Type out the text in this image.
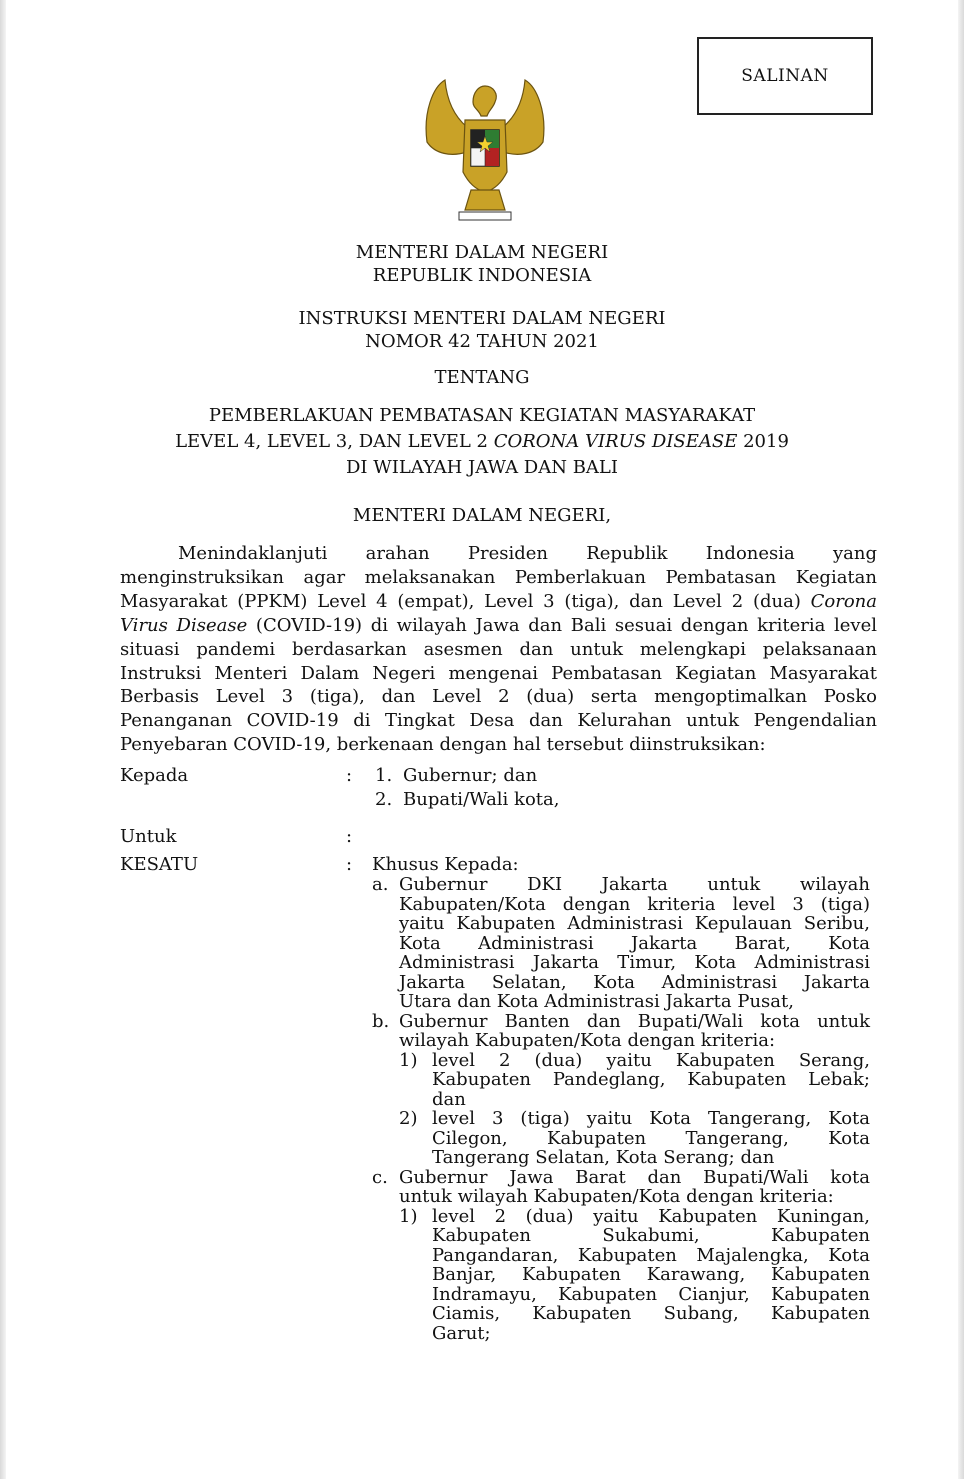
SALINAN
MENTERI DALAM NEGERI
REPUBLIK INDONESIA
INSTRUKSI MENTERI DALAM NEGERI
NOMOR 42 TAHUN 2021
TENTANG
PEMBERLAKUAN PEMBATASAN KEGIATAN MASYARAKAT
LEVEL 4, LEVEL 3, DAN LEVEL 2 CORONA VIRUS DISEASE 2019
DI WILAYAH JAWA DAN BALI
MENTERI DALAM NEGERI,
Menindaklanjuti arahan Presiden Republik Indonesia yang menginstruksikan agar melaksanakan Pemberlakuan Pembatasan Kegiatan Masyarakat (PPKM) Level 4 (empat), Level 3 (tiga), dan Level 2 (dua) Corona Virus Disease (COVID-19) di wilayah Jawa dan Bali sesuai dengan kriteria level situasi pandemi berdasarkan asesmen dan untuk melengkapi pelaksanaan Instruksi Menteri Dalam Negeri mengenai Pembatasan Kegiatan Masyarakat Berbasis Level 3 (tiga), dan Level 2 (dua) serta mengoptimalkan Posko Penanganan COVID-19 di Tingkat Desa dan Kelurahan untuk Pengendalian Penyebaran COVID-19, berkenaan dengan hal tersebut diinstruksikan:
Kepada	: 1. Gubernur; dan
2. Bupati/Wali kota,
Untuk	:
KESATU	: Khusus Kepada:
a. Gubernur DKI Jakarta untuk wilayah
Kabupaten/Kota dengan kriteria level 3 (tiga)
yaitu Kabupaten Administrasi Kepulauan Seribu,
Kota Administrasi Jakarta Barat, Kota
Administrasi Jakarta Timur, Kota Administrasi
Jakarta Selatan, Kota Administrasi Jakarta
Utara dan Kota Administrasi Jakarta Pusat,
b. Gubernur Banten dan Bupati/Wali kota untuk
wilayah Kabupaten/Kota dengan kriteria:
1) level 2 (dua) yaitu Kabupaten Serang,
Kabupaten Pandeglang, Kabupaten Lebak;
dan
2) level 3 (tiga) yaitu Kota Tangerang, Kota
Cilegon, Kabupaten Tangerang, Kota
Tangerang Selatan, Kota Serang; dan
c. Gubernur Jawa Barat dan Bupati/Wali kota
untuk wilayah Kabupaten/Kota dengan kriteria:
1) level 2 (dua) yaitu Kabupaten Kuningan,
Kabupaten Sukabumi, Kabupaten
Pangandaran, Kabupaten Majalengka, Kota
Banjar, Kabupaten Karawang, Kabupaten
Indramayu, Kabupaten Cianjur, Kabupaten
Ciamis, Kabupaten Subang, Kabupaten
Garut;
